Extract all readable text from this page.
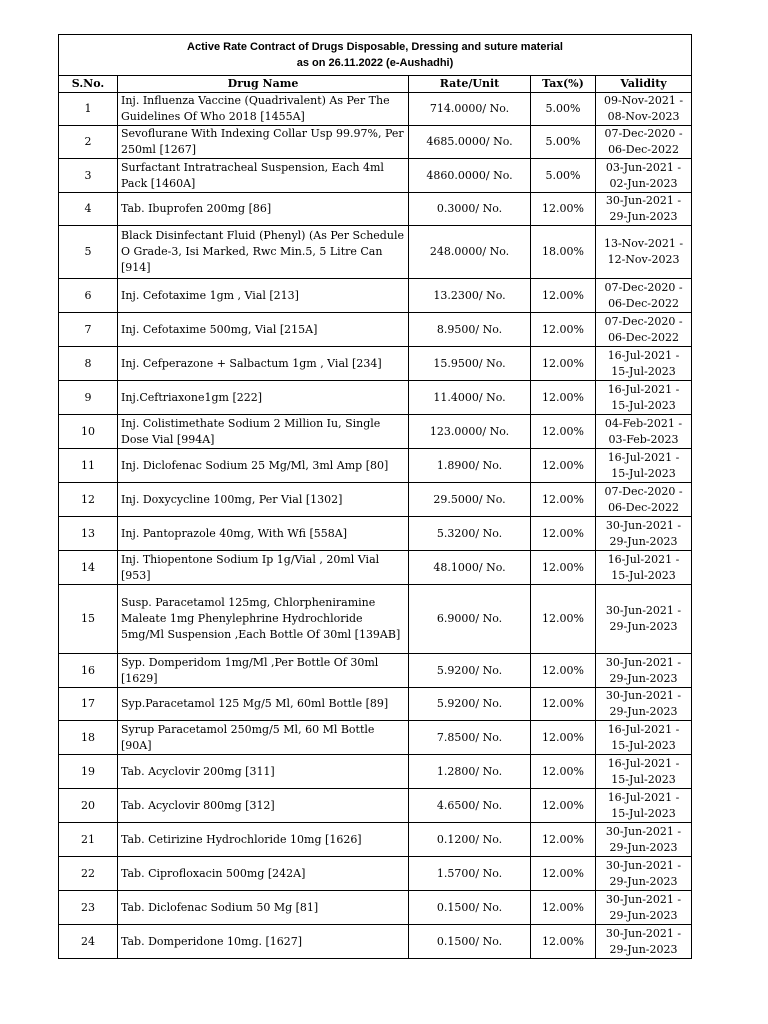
Active Rate Contract of Drugs Disposable, Dressing and suture material
as on 26.11.2022 (e-Aushadhi)				

S.No.	Drug Name	Rate/Unit	Tax(%)	Validity
1	Inj. Influenza Vaccine (Quadrivalent) As Per The Guidelines Of Who 2018 [1455A]	714.0000/ No.	5.00%	09-Nov-2021 -
08-Nov-2023

2	Sevoflurane With Indexing Collar Usp 99.97%, Per 250ml [1267]	4685.0000/ No.	5.00%	07-Dec-2020 -
06-Dec-2022

3	Surfactant Intratracheal Suspension, Each 4ml Pack [1460A]	4860.0000/ No.	5.00%	03-Jun-2021 -
02-Jun-2023

4	Tab. Ibuprofen 200mg [86]	0.3000/ No.	12.00%	30-Jun-2021 -
29-Jun-2023

5	Black Disinfectant Fluid (Phenyl) (As Per Schedule O Grade-3, Isi Marked, Rwc Min.5, 5 Litre Can [914]	248.0000/ No.	18.00%	13-Nov-2021 -
12-Nov-2023

6	Inj. Cefotaxime 1gm , Vial [213]	13.2300/ No.	12.00%	07-Dec-2020 -
06-Dec-2022

7	Inj. Cefotaxime 500mg, Vial [215A]	8.9500/ No.	12.00%	07-Dec-2020 -
06-Dec-2022

8	Inj. Cefperazone + Salbactum 1gm , Vial [234]	15.9500/ No.	12.00%	16-Jul-2021 -
15-Jul-2023

9	Inj.Ceftriaxone1gm [222]	11.4000/ No.	12.00%	16-Jul-2021 -
15-Jul-2023

10	Inj. Colistimethate Sodium 2 Million Iu, Single Dose Vial [994A]	123.0000/ No.	12.00%	04-Feb-2021 -
03-Feb-2023

11	Inj. Diclofenac Sodium 25 Mg/Ml, 3ml Amp [80]	1.8900/ No.	12.00%	16-Jul-2021 -
15-Jul-2023

12	Inj. Doxycycline 100mg, Per Vial [1302]	29.5000/ No.	12.00%	07-Dec-2020 -
06-Dec-2022

13	Inj. Pantoprazole 40mg, With Wfi [558A]	5.3200/ No.	12.00%	30-Jun-2021 -
29-Jun-2023

14	Inj. Thiopentone Sodium Ip 1g/Vial , 20ml Vial [953]	48.1000/ No.	12.00%	16-Jul-2021 -
15-Jul-2023

15	Susp. Paracetamol 125mg, Chlorpheniramine Maleate 1mg Phenylephrine Hydrochloride 5mg/Ml Suspension ,Each Bottle Of 30ml [139AB]	6.9000/ No.	12.00%	30-Jun-2021 -
29-Jun-2023

16	Syp. Domperidom 1mg/Ml ,Per Bottle Of 30ml [1629]	5.9200/ No.	12.00%	30-Jun-2021 -
29-Jun-2023

17	Syp.Paracetamol 125 Mg/5 Ml, 60ml Bottle [89]	5.9200/ No.	12.00%	30-Jun-2021 -
29-Jun-2023

18	Syrup Paracetamol 250mg/5 Ml, 60 Ml Bottle [90A]	7.8500/ No.	12.00%	16-Jul-2021 -
15-Jul-2023

19	Tab. Acyclovir 200mg [311]	1.2800/ No.	12.00%	16-Jul-2021 -
15-Jul-2023

20	Tab. Acyclovir 800mg [312]	4.6500/ No.	12.00%	16-Jul-2021 -
15-Jul-2023

21	Tab. Cetirizine Hydrochloride 10mg [1626]	0.1200/ No.	12.00%	30-Jun-2021 -
29-Jun-2023

22	Tab. Ciprofloxacin 500mg [242A]	1.5700/ No.	12.00%	30-Jun-2021 -
29-Jun-2023

23	Tab. Diclofenac Sodium 50 Mg [81]	0.1500/ No.	12.00%	30-Jun-2021 -
29-Jun-2023

24	Tab. Domperidone 10mg. [1627]	0.1500/ No.	12.00%	30-Jun-2021 -
29-Jun-2023
